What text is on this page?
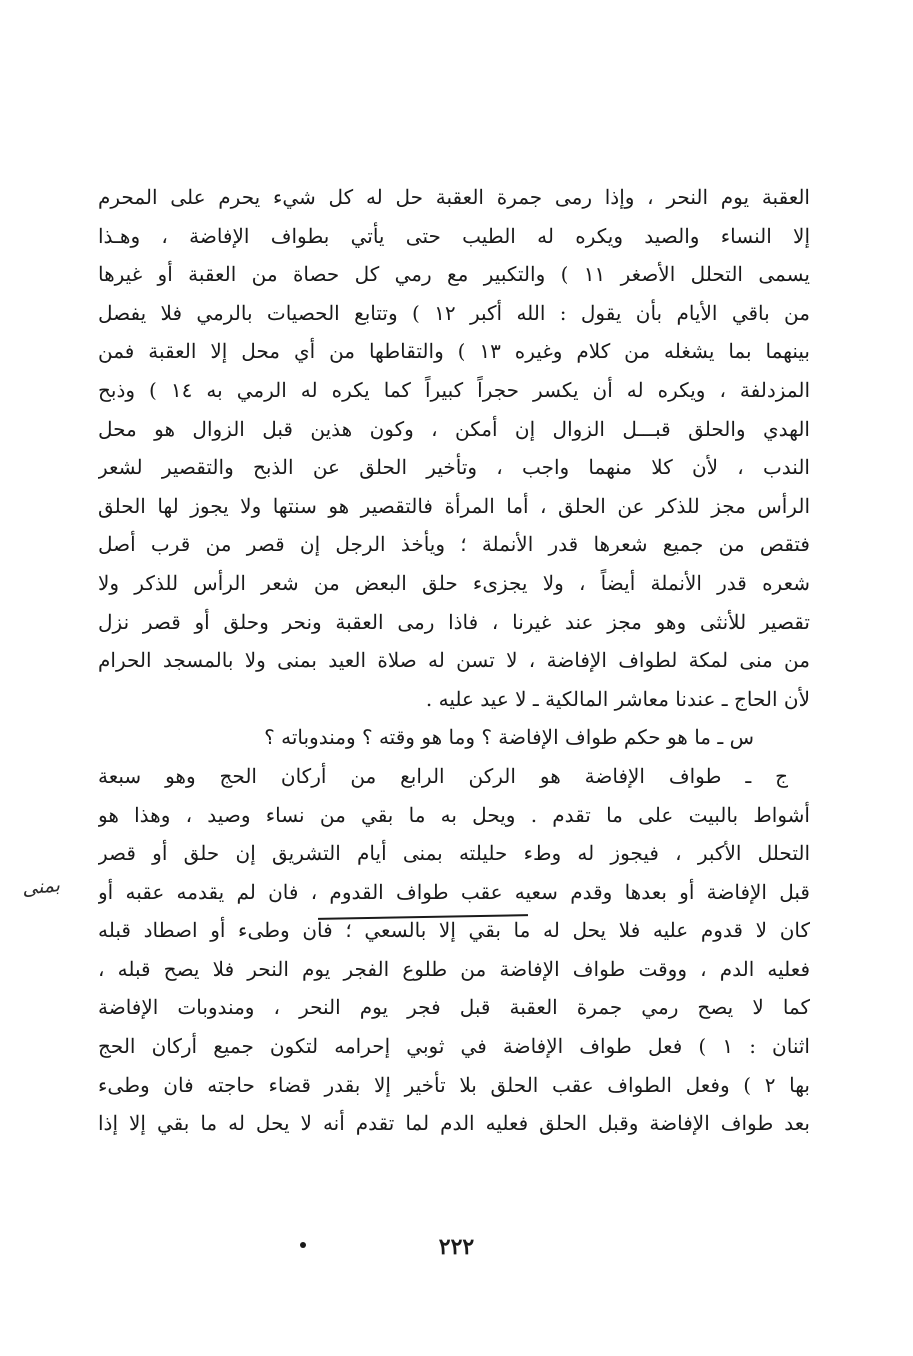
العقبة يوم النحر ، وإذا رمى جمرة العقبة حل له كل شيء يحرم على المحرم
إلا النساء والصيد ويكره له الطيب حتى يأتي بطواف الإفاضة ، وهـذا
يسمى التحلل الأصغر ١١ ) والتكبير مع رمي كل حصاة من العقبة أو غيرها
من باقي الأيام بأن يقول : الله أكبر ١٢ ) وتتابع الحصيات بالرمي فلا يفصل
بينهما بما يشغله من كلام وغيره ١٣ ) والتقاطها من أي محل إلا العقبة فمن
المزدلفة ، ويكره له أن يكسر حجراً كبيراً كما يكره له الرمي به ١٤ ) وذبح
الهدي والحلق قبـــل الزوال إن أمكن ، وكون هذين قبل الزوال هو محل
الندب ، لأن كلا منهما واجب ، وتأخير الحلق عن الذبح والتقصير لشعر
الرأس مجز للذكر عن الحلق ، أما المرأة فالتقصير هو سنتها ولا يجوز لها الحلق
فتقص من جميع شعرها قدر الأنملة ؛ ويأخذ الرجل إن قصر من قرب أصل
شعره قدر الأنملة أيضاً ، ولا يجزىء حلق البعض من شعر الرأس للذكر ولا
تقصير للأنثى وهو مجز عند غيرنا ، فاذا رمى العقبة ونحر وحلق أو قصر نزل
من منى لمكة لطواف الإفاضة ، لا تسن له صلاة العيد بمنى ولا بالمسجد الحرام
لأن الحاج ـ عندنا معاشر المالكية ـ لا عيد عليه .
س ـ ما هو حكم طواف الإفاضة ؟ وما هو وقته ؟ ومندوباته ؟
ج ـ طواف الإفاضة هو الركن الرابع من أركان الحج وهو سبعة
أشواط بالبيت على ما تقدم . ويحل به ما بقي من نساء وصيد ، وهذا هو
التحلل الأكبر ، فيجوز له وطء حليلته بمنى أيام التشريق إن حلق أو قصر
قبل الإفاضة أو بعدها وقدم سعيه عقب طواف القدوم ، فان لم يقدمه عقبه أو
كان لا قدوم عليه فلا يحل له ما بقي إلا بالسعي ؛ فان وطىء أو اصطاد قبله
فعليه الدم ، ووقت طواف الإفاضة من طلوع الفجر يوم النحر فلا يصح قبله ،
كما لا يصح رمي جمرة العقبة قبل فجر يوم النحر ، ومندوبات الإفاضة
اثنان : ١ ) فعل طواف الإفاضة في ثوبي إحرامه لتكون جميع أركان الحج
بها ٢ ) وفعل الطواف عقب الحلق بلا تأخير إلا بقدر قضاء حاجته فان وطىء
بعد طواف الإفاضة وقبل الحلق فعليه الدم لما تقدم أنه لا يحل له ما بقي إلا إذا
بمنى
٢٢٢
